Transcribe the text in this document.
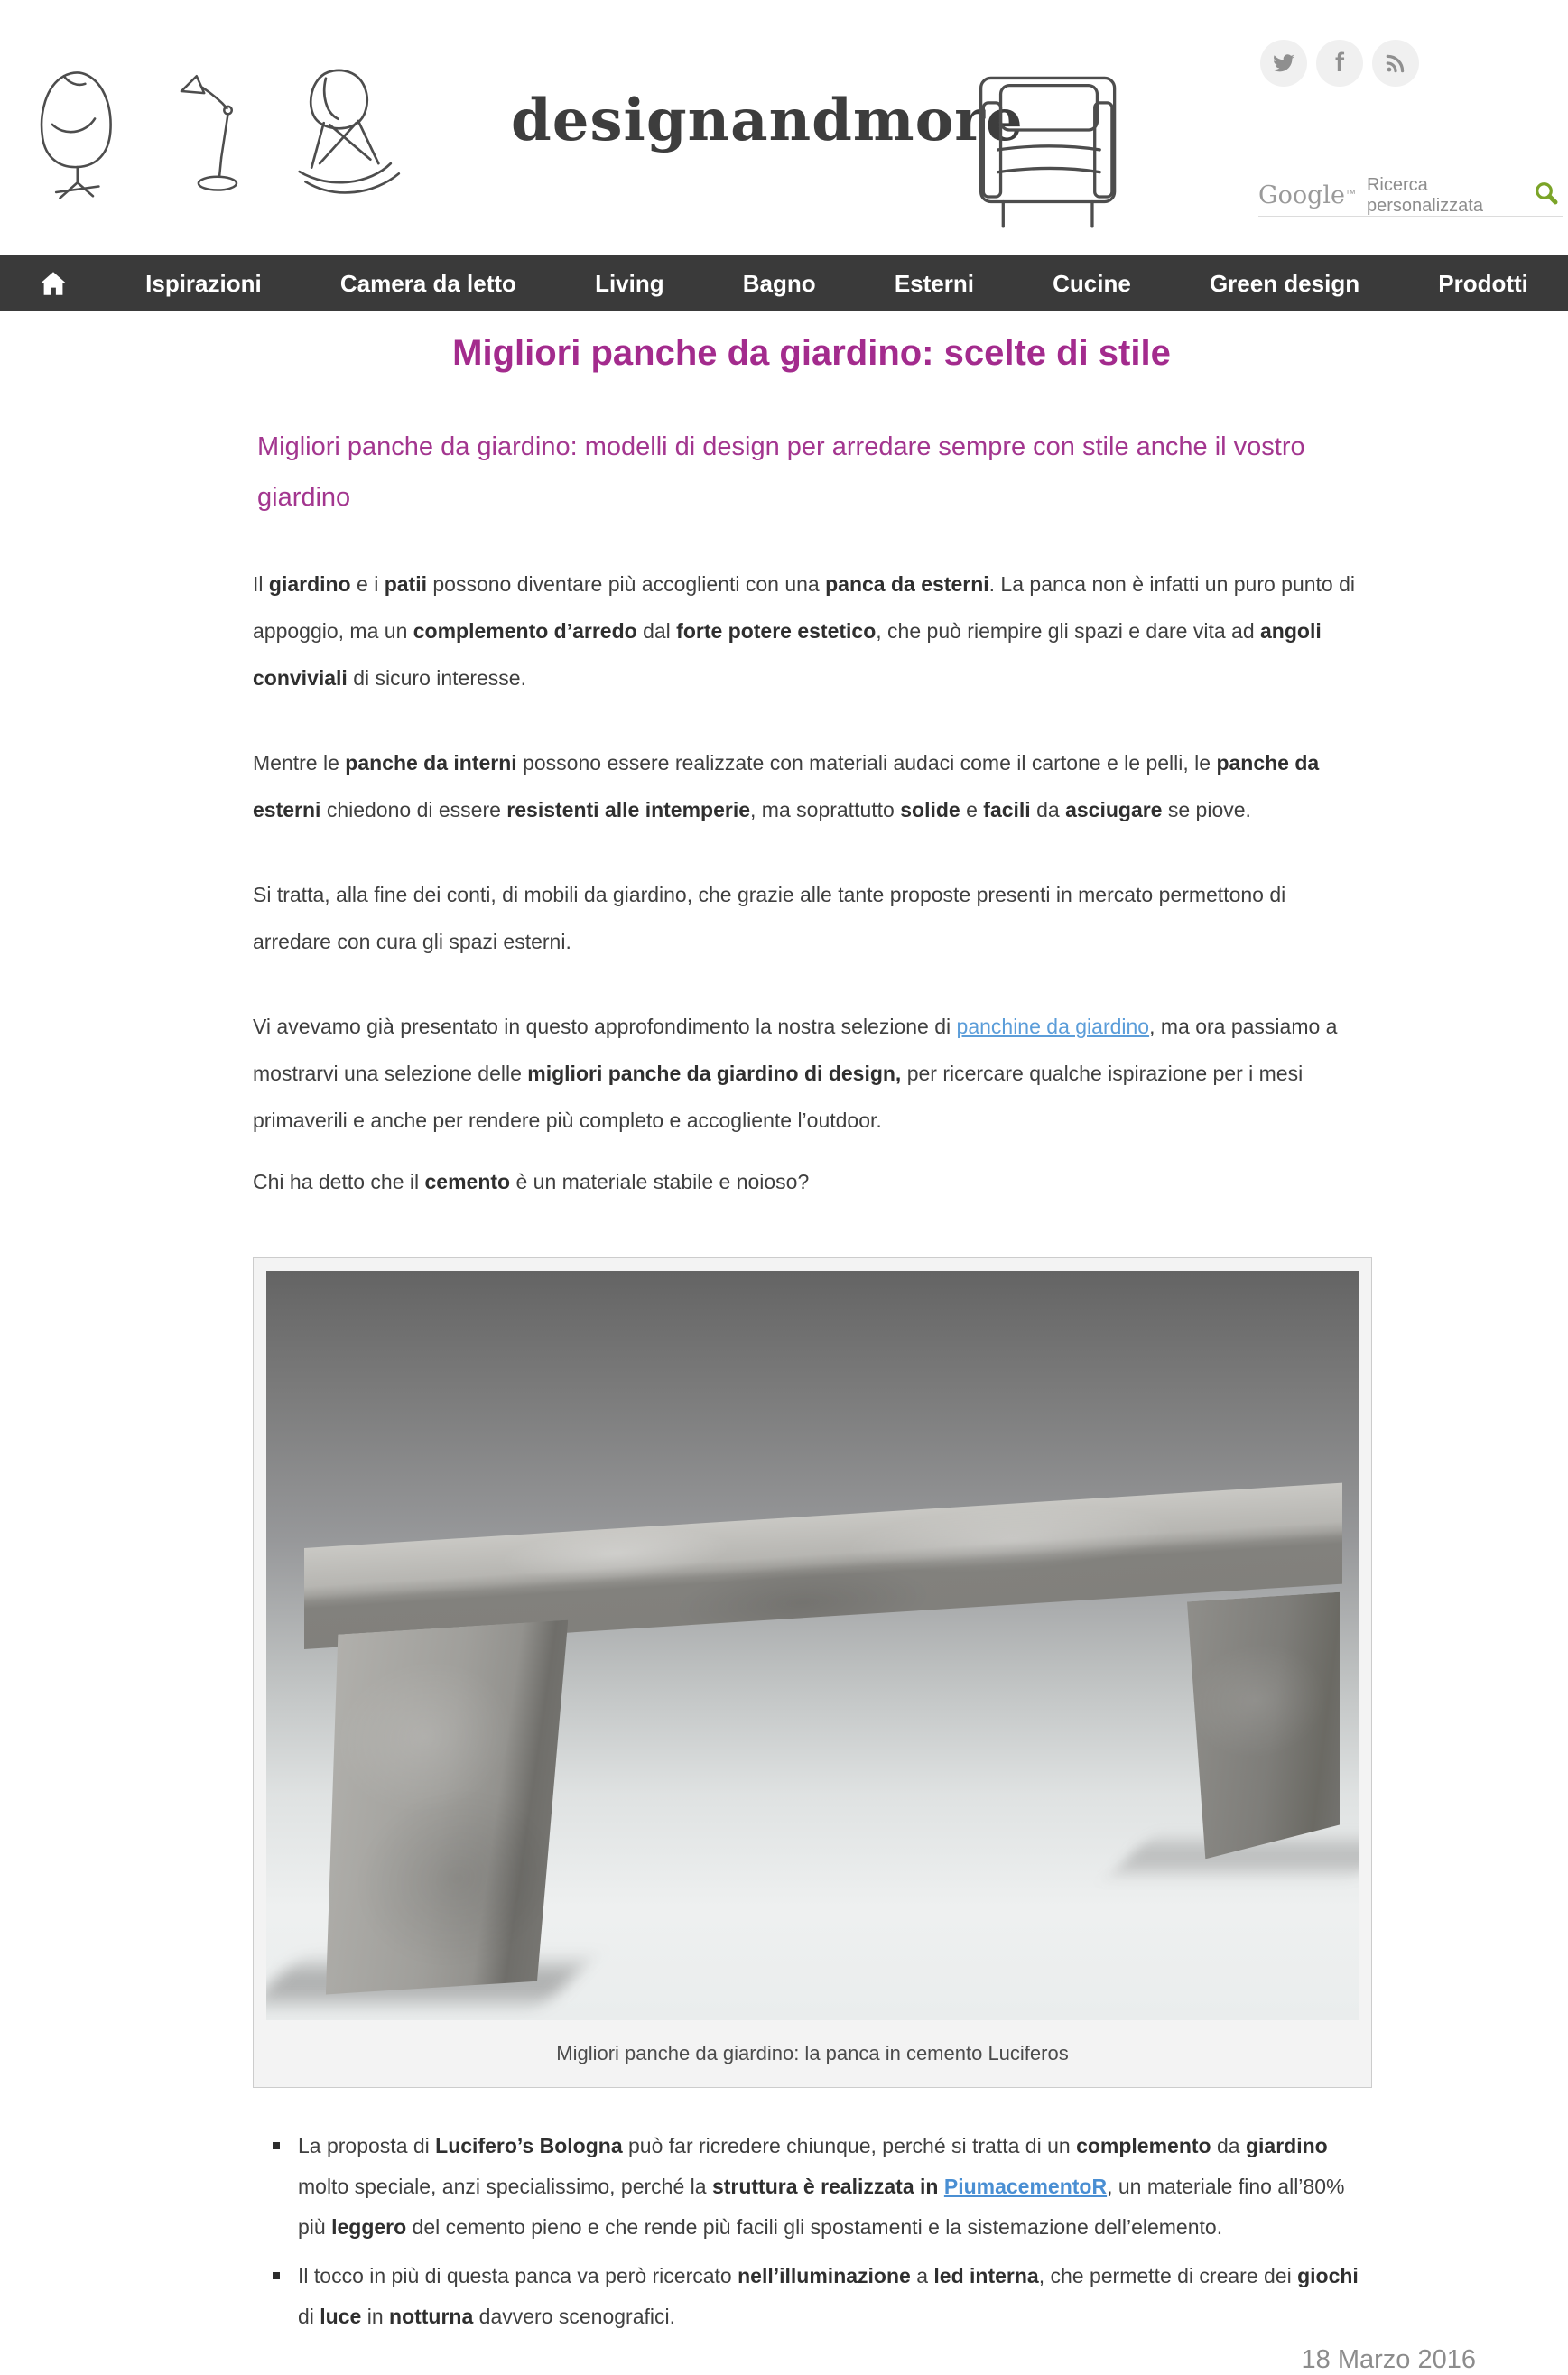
designandmore
f
Google™ Ricerca personalizzata
Ispirazioni	Camera da letto	Living	Bagno	Esterni	Cucine	Green design	Prodotti
Migliori panche da giardino: scelte di stile
Migliori panche da giardino: modelli di design per arredare sempre con stile anche il vostro giardino

Il giardino e i patii possono diventare più accoglienti con una panca da esterni. La panca non è infatti un puro punto di appoggio, ma un complemento d’arredo dal forte potere estetico, che può riempire gli spazi e dare vita ad angoli conviviali di sicuro interesse.

Mentre le panche da interni possono essere realizzate con materiali audaci come il cartone e le pelli, le panche da esterni chiedono di essere resistenti alle intemperie, ma soprattutto solide e facili da asciugare se piove.

Si tratta, alla fine dei conti, di mobili da giardino, che grazie alle tante proposte presenti in mercato permettono di arredare con cura gli spazi esterni.

Vi avevamo già presentato in questo approfondimento la nostra selezione di panchine da giardino, ma ora passiamo a mostrarvi una selezione delle migliori panche da giardino di design, per ricercare qualche ispirazione per i mesi primaverili e anche per rendere più completo e accogliente l’outdoor.

Chi ha detto che il cemento è un materiale stabile e noioso?

Migliori panche da giardino: la panca in cemento Luciferos
La proposta di Lucifero’s Bologna può far ricredere chiunque, perché si tratta di un complemento da giardino molto speciale, anzi specialissimo, perché la struttura è realizzata in PiumacementoR, un materiale fino all’80% più leggero del cemento pieno e che rende più facili gli spostamenti e la sistemazione dell’elemento.
Il tocco in più di questa panca va però ricercato nell’illuminazione a led interna, che permette di creare dei giochi di luce in notturna davvero scenografici.
18 Marzo 2016
